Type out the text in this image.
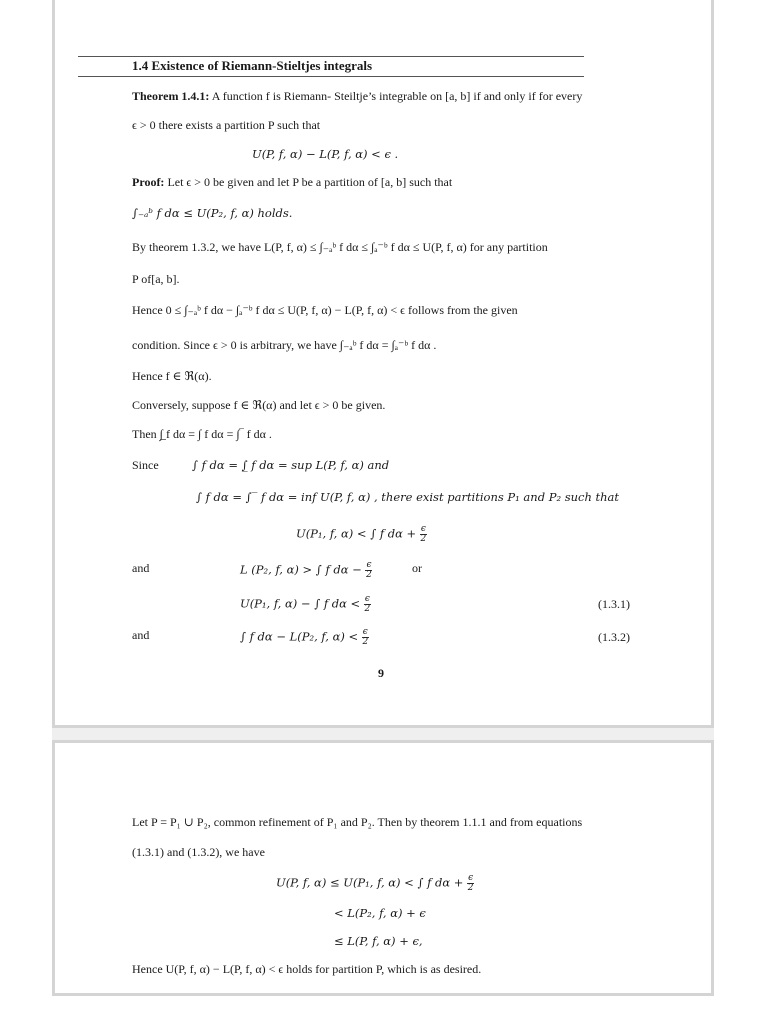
1.4 Existence of Riemann-Stieltjes integrals
Theorem 1.4.1: A function f is Riemann- Steiltje’s integrable on [a, b] if and only if for every
ϵ > 0 there exists a partition P such that
U(P, f, α) − L(P, f, α) < ϵ .
Proof: Let ϵ > 0 be given and let P be a partition of [a, b] such that
∫₋ₐᵇ f dα ≤ U(P₂, f, α) holds.
By theorem 1.3.2, we have L(P, f, α) ≤ ∫₋ₐᵇ f dα ≤ ∫ₐ⁻ᵇ f dα ≤ U(P, f, α) for any partition
P of[a, b].
Hence 0 ≤ ∫₋ₐᵇ f dα − ∫ₐ⁻ᵇ f dα ≤ U(P, f, α) − L(P, f, α) < ϵ follows from the given
condition. Since ϵ > 0 is arbitrary, we have ∫₋ₐᵇ f dα = ∫ₐ⁻ᵇ f dα .
Hence f ∈ ℜ(α).
Conversely, suppose f ∈ ℜ(α) and let ϵ > 0 be given.
Then ∫̲ f dα = ∫ f dα = ∫‾ f dα .
Since	∫ f dα = ∫̲ f dα = sup L(P, f, α) and
∫ f dα = ∫‾ f dα = inf U(P, f, α) , there exist partitions P₁ and P₂ such that
U(P₁, f, α) < ∫ f $d\alpha + \frac{\epsilon}{2}$
and	L (P₂, f, α) > ∫ f $d\alpha - \frac{\epsilon}{2}$	or
U(P₁, f, α) − ∫ f $d\alpha < \frac{\epsilon}{2}$	(1.3.1)
and	∫ f dα − L(P₂, f, $\alpha) < \frac{\epsilon}{2}$	(1.3.2)
9
Let P = P₁ ∪ P₂, common refinement of P₁ and P₂. Then by theorem 1.1.1 and from equations
(1.3.1) and (1.3.2), we have
U(P, f, α) ≤ U(P₁, f, α) < ∫ f $d\alpha + \frac{\epsilon}{2}$
< L(P₂, f, α) + ϵ
≤ L(P, f, α) + ϵ,
Hence U(P, f, α) − L(P, f, α) < ϵ holds for partition P, which is as desired.
